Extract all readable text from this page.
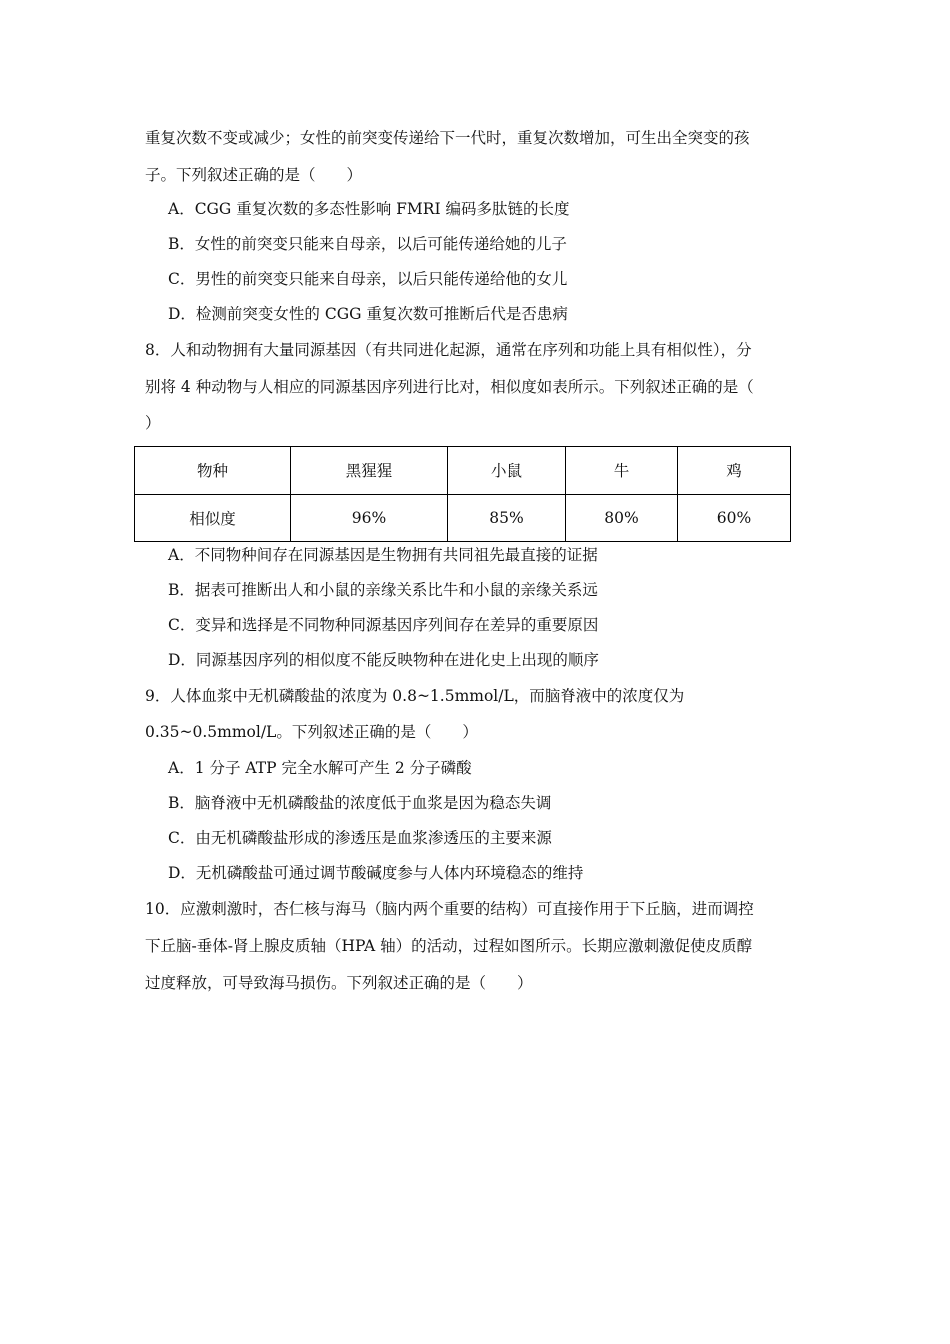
重复次数不变或减少；女性的前突变传递给下一代时，重复次数增加，可生出全突变的孩
子。下列叙述正确的是（　　）
A．CGG 重复次数的多态性影响 FMRI 编码多肽链的长度
B．女性的前突变只能来自母亲，以后可能传递给她的儿子
C．男性的前突变只能来自母亲，以后只能传递给他的女儿
D．检测前突变女性的 CGG 重复次数可推断后代是否患病
8．人和动物拥有大量同源基因（有共同进化起源，通常在序列和功能上具有相似性），分
别将 4 种动物与人相应的同源基因序列进行比对，相似度如表所示。下列叙述正确的是（
）
物种	黑猩猩	小鼠	牛	鸡
相似度	96%	85%	80%	60%
A．不同物种间存在同源基因是生物拥有共同祖先最直接的证据
B．据表可推断出人和小鼠的亲缘关系比牛和小鼠的亲缘关系远
C．变异和选择是不同物种同源基因序列间存在差异的重要原因
D．同源基因序列的相似度不能反映物种在进化史上出现的顺序
9．人体血浆中无机磷酸盐的浓度为 0.8~1.5mmol/L，而脑脊液中的浓度仅为
0.35~0.5mmol/L。下列叙述正确的是（　　）
A．1 分子 ATP 完全水解可产生 2 分子磷酸
B．脑脊液中无机磷酸盐的浓度低于血浆是因为稳态失调
C．由无机磷酸盐形成的渗透压是血浆渗透压的主要来源
D．无机磷酸盐可通过调节酸碱度参与人体内环境稳态的维持
10．应激刺激时，杏仁核与海马（脑内两个重要的结构）可直接作用于下丘脑，进而调控
下丘脑-垂体-肾上腺皮质轴（HPA 轴）的活动，过程如图所示。长期应激刺激促使皮质醇
过度释放，可导致海马损伤。下列叙述正确的是（　　）
